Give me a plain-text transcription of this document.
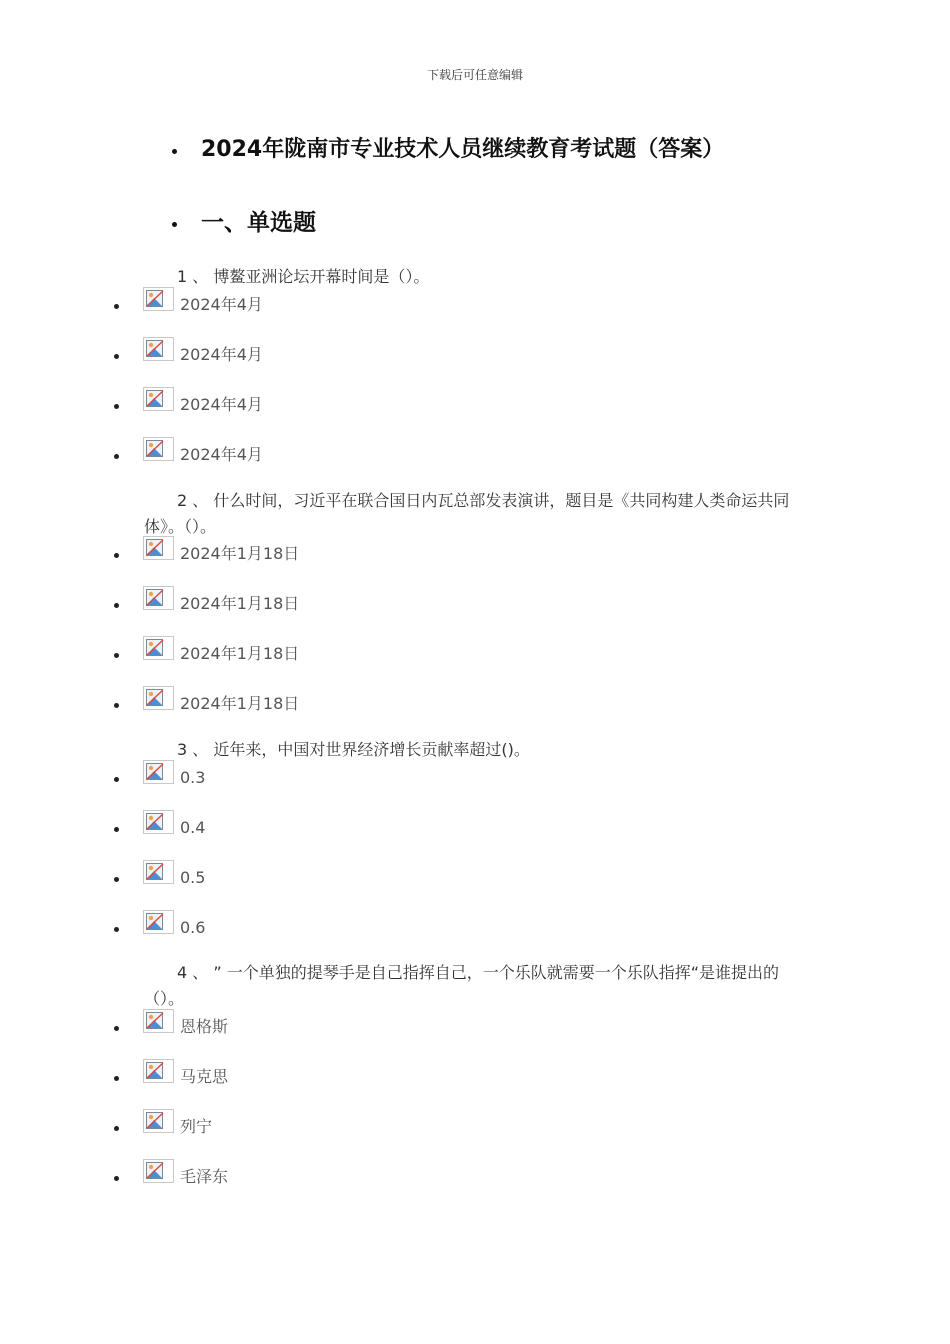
下载后可任意编辑
2024年陇南市专业技术人员继续教育考试题（答案）
一、单选题
1 、 博鳌亚洲论坛开幕时间是（）。
2024年4月
2024年4月
2024年4月
2024年4月
2 、 什么时间，习近平在联合国日内瓦总部发表演讲，题目是《共同构建人类命运共同体》。（）。
2024年1月18日
2024年1月18日
2024年1月18日
2024年1月18日
3 、 近年来，中国对世界经济增长贡献率超过()。
0.3
0.4
0.5
0.6
4 、 ” 一个单独的提琴手是自己指挥自己，一个乐队就需要一个乐队指挥“是谁提出的（）。
恩格斯
马克思
列宁
毛泽东
